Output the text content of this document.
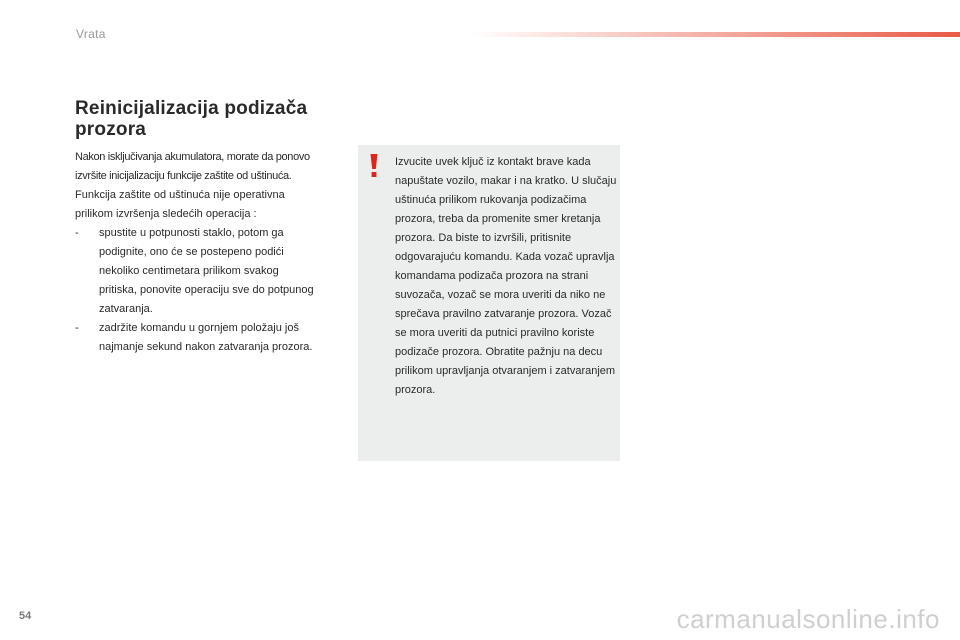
Vrata
Reinicijalizacija podizača
prozora
Nakon isključivanja akumulatora, morate da ponovo
izvršite inicijalizaciju funkcije zaštite od uštinuća.
Funkcija zaštite od uštinuća nije operativna prilikom izvršenja sledećih operacija :
-	spustite u potpunosti staklo, potom ga podignite, ono će se postepeno podići nekoliko centimetara prilikom svakog pritiska, ponovite operaciju sve do potpunog zatvaranja.
-	zadržite komandu u gornjem položaju još najmanje sekund nakon zatvaranja prozora.
Izvucite uvek ključ iz kontakt brave kada napuštate vozilo, makar i na kratko. U slučaju uštinuća prilikom rukovanja podizačima prozora, treba da promenite smer kretanja prozora. Da biste to izvršili, pritisnite odgovarajuću komandu. Kada vozač upravlja komandama podizača prozora na strani suvozača, vozač se mora uveriti da niko ne sprečava pravilno zatvaranje prozora. Vozač se mora uveriti da putnici pravilno koriste podizače prozora. Obratite pažnju na decu prilikom upravljanja otvaranjem i zatvaranjem prozora.
54	carmanualsonline.info
